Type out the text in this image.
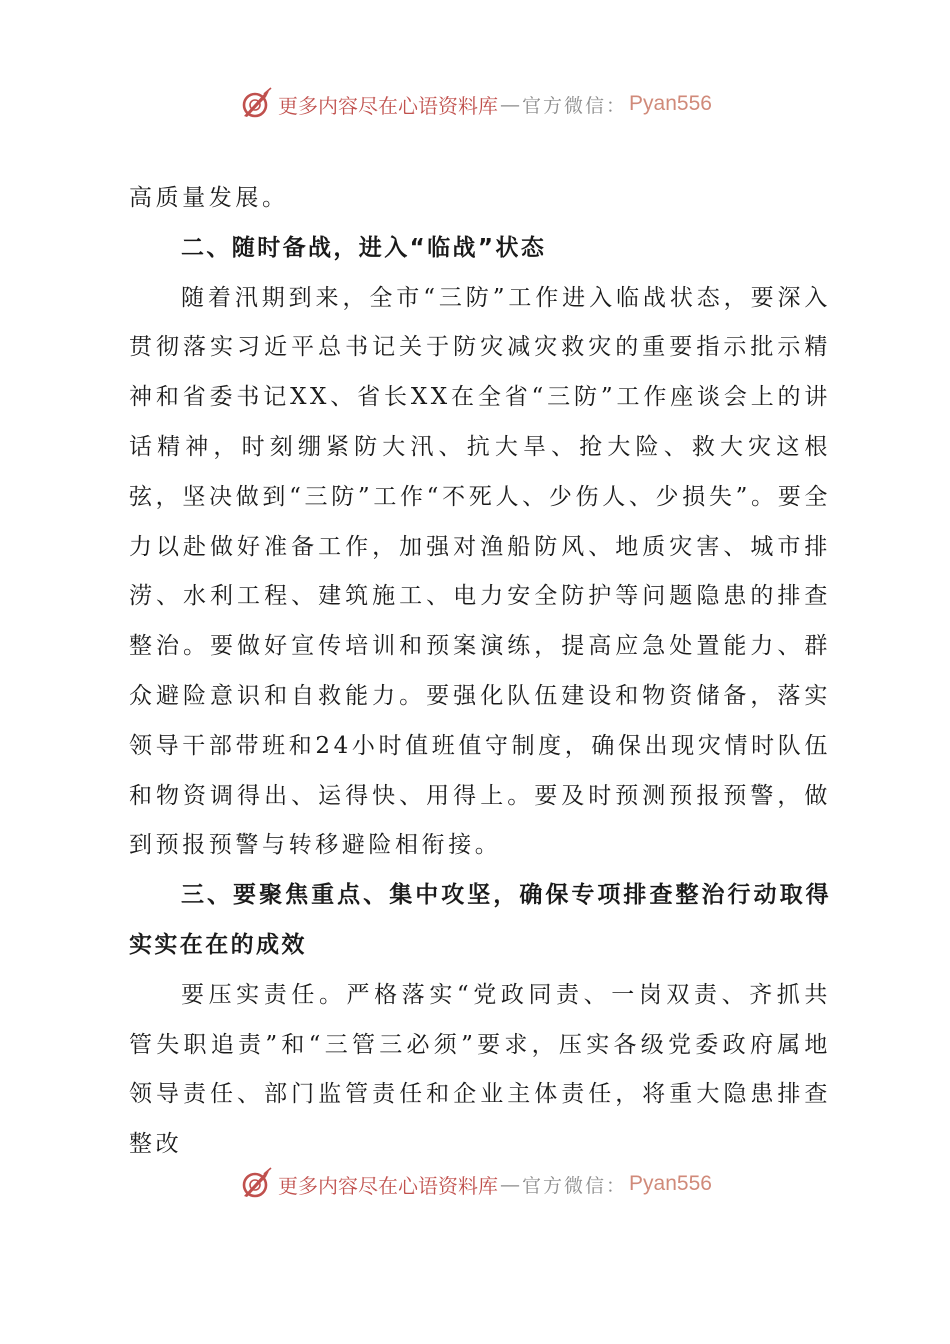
更多内容尽在心语资料库 — 官方微信： Pyan556

高质量发展。

二、随时备战，进入“临战”状态

随着汛期到来，全市“三防”工作进入临战状态，要深入贯彻落实习近平总书记关于防灾减灾救灾的重要指示批示精神和省委书记XX、省长XX在全省“三防”工作座谈会上的讲话精神，时刻绷紧防大汛、抗大旱、抢大险、救大灾这根弦，坚决做到“三防”工作“不死人、少伤人、少损失”。要全力以赴做好准备工作，加强对渔船防风、地质灾害、城市排涝、水利工程、建筑施工、电力安全防护等问题隐患的排查整治。要做好宣传培训和预案演练，提高应急处置能力、群众避险意识和自救能力。要强化队伍建设和物资储备，落实领导干部带班和24小时值班值守制度，确保出现灾情时队伍和物资调得出、运得快、用得上。要及时预测预报预警，做到预报预警与转移避险相衔接。

三、要聚焦重点、集中攻坚，确保专项排查整治行动取得实实在在的成效

要压实责任。严格落实“党政同责、一岗双责、齐抓共管失职追责”和“三管三必须”要求，压实各级党委政府属地领导责任、部门监管责任和企业主体责任，将重大隐患排查整改

更多内容尽在心语资料库 — 官方微信： Pyan556
